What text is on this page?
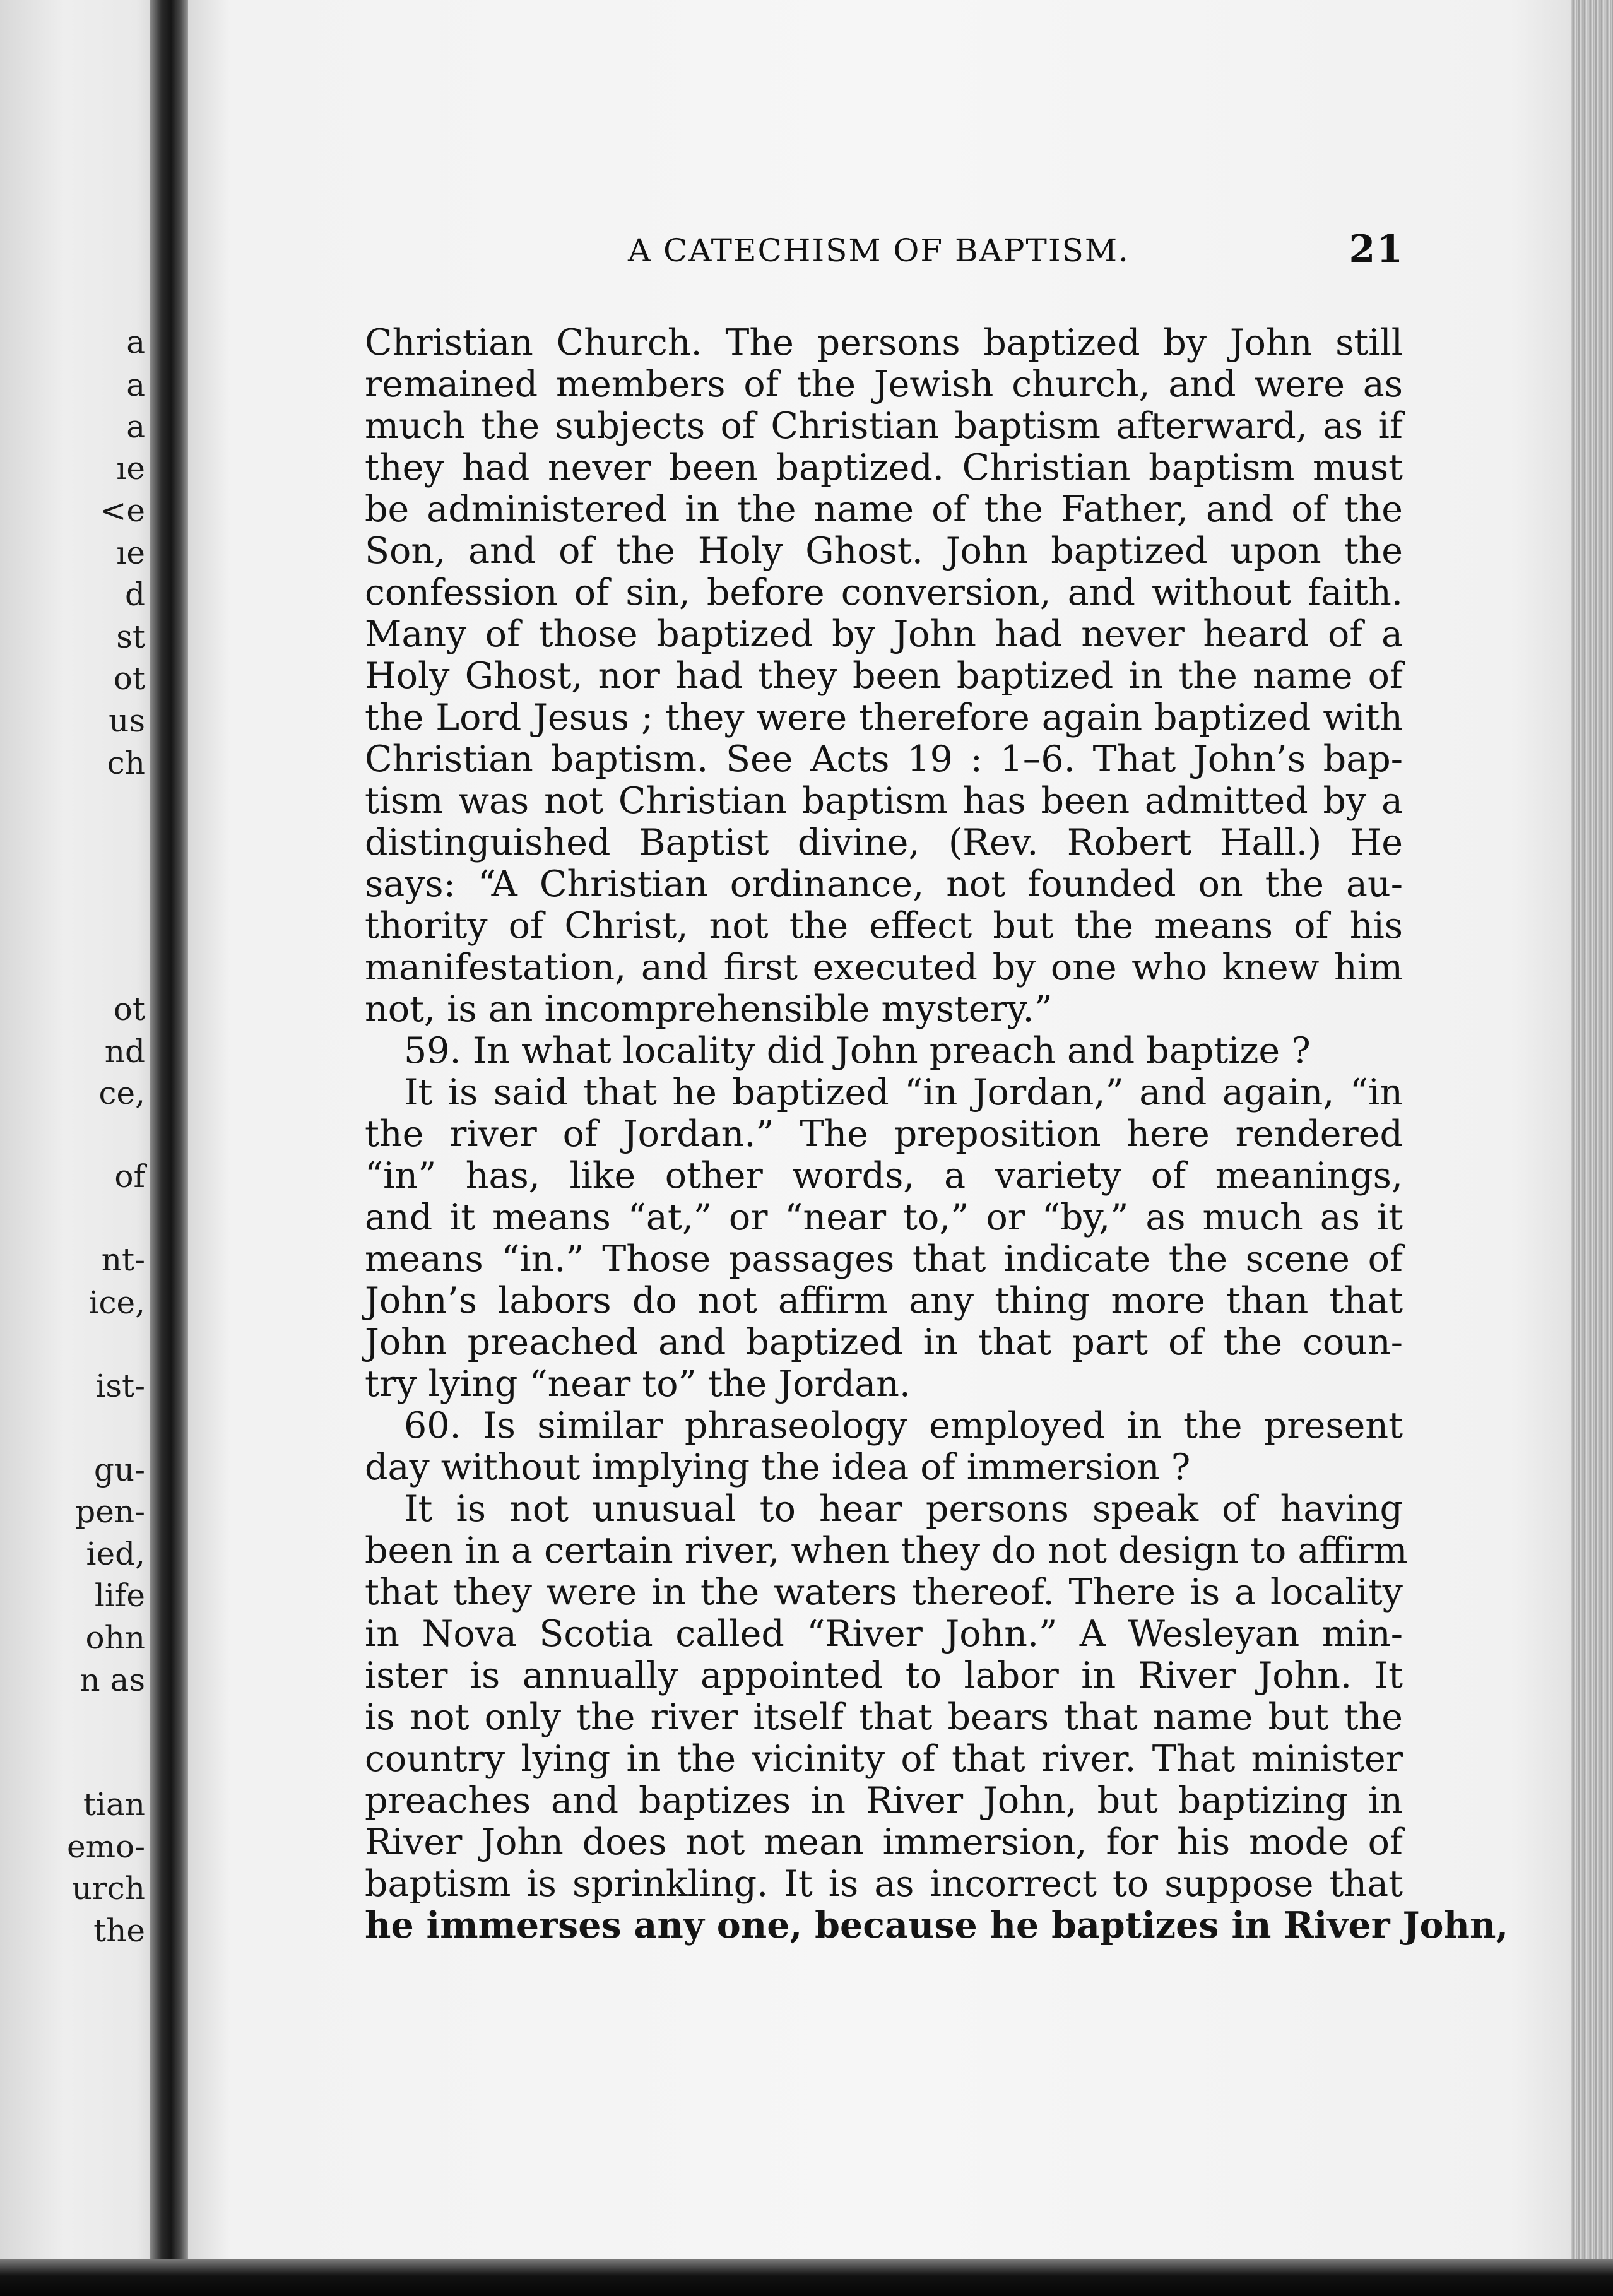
a
a
a
ıe
<e
ıe
d
st
ot
us
ch
ot
nd
ce,
of
nt-
ice,
ist-
gu-
pen-
ied,
life
ohn
n as
tian
emo-
urch
the
A CATECHISM OF BAPTISM.	21
Christian Church. The persons baptized by John still
remained members of the Jewish church, and were as
much the subjects of Christian baptism afterward, as if
they had never been baptized. Christian baptism must
be administered in the name of the Father, and of the
Son, and of the Holy Ghost. John baptized upon the
confession of sin, before conversion, and without faith.
Many of those baptized by John had never heard of a
Holy Ghost, nor had they been baptized in the name of
the Lord Jesus ; they were therefore again baptized with
Christian baptism. See Acts 19 : 1–6. That John’s bap-
tism was not Christian baptism has been admitted by a
distinguished Baptist divine, (Rev. Robert Hall.) He
says: “A Christian ordinance, not founded on the au-
thority of Christ, not the effect but the means of his
manifestation, and first executed by one who knew him
not, is an incomprehensible mystery.”
59. In what locality did John preach and baptize ?
It is said that he baptized “in Jordan,” and again, “in
the river of Jordan.” The preposition here rendered
“in” has, like other words, a variety of meanings,
and it means “at,” or “near to,” or “by,” as much as it
means “in.” Those passages that indicate the scene of
John’s labors do not affirm any thing more than that
John preached and baptized in that part of the coun-
try lying “near to” the Jordan.
60. Is similar phraseology employed in the present
day without implying the idea of immersion ?
It is not unusual to hear persons speak of having
been in a certain river, when they do not design to affirm
that they were in the waters thereof. There is a locality
in Nova Scotia called “River John.” A Wesleyan min-
ister is annually appointed to labor in River John. It
is not only the river itself that bears that name but the
country lying in the vicinity of that river. That minister
preaches and baptizes in River John, but baptizing in
River John does not mean immersion, for his mode of
baptism is sprinkling. It is as incorrect to suppose that
he immerses any one, because he baptizes in River John,
